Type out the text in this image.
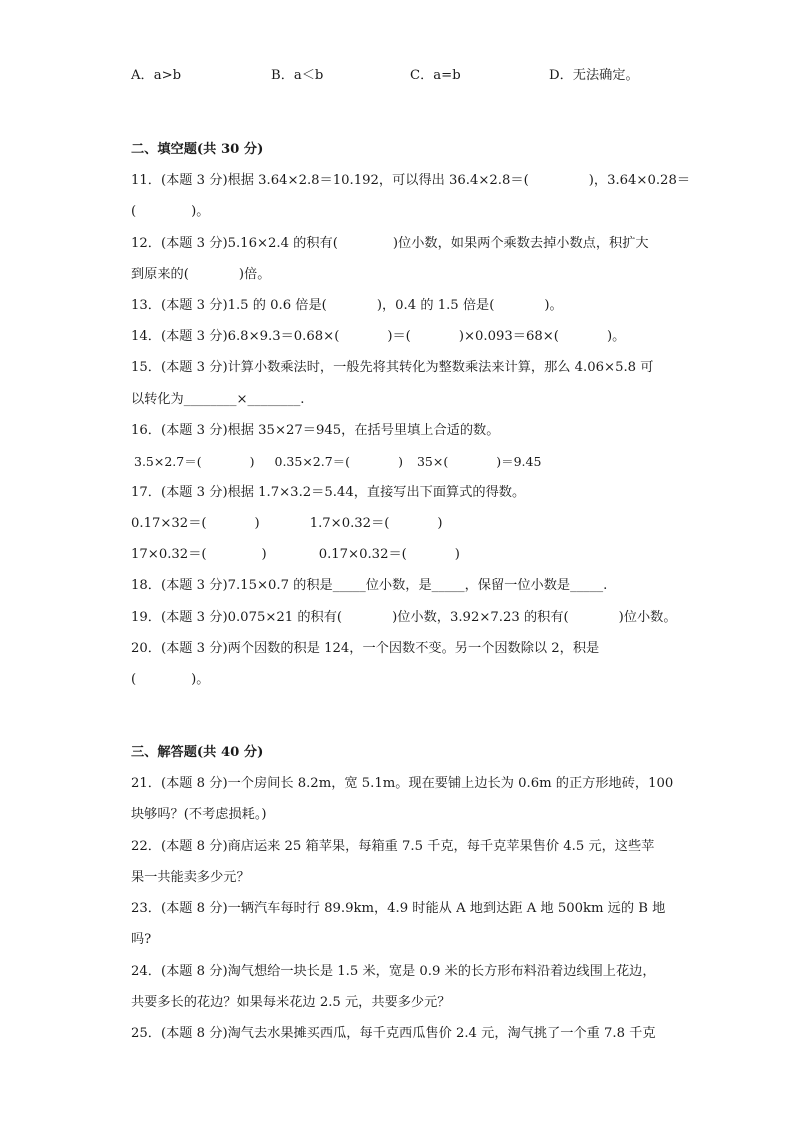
A．a>b	B．a＜b	C．a=b	D．无法确定。
二、填空题(共 30 分)
11．(本题 3 分)根据 3.64×2.8＝10.192，可以得出 36.4×2.8＝(	)，3.64×0.28＝
(	)。
12．(本题 3 分)5.16×2.4 的积有(	)位小数，如果两个乘数去掉小数点，积扩大
到原来的(	)倍。
13．(本题 3 分)1.5 的 0.6 倍是(	)，0.4 的 1.5 倍是(	)。
14．(本题 3 分)6.8×9.3＝0.68×(	)＝(	)×0.093＝68×(	)。
15．(本题 3 分)计算小数乘法时，一般先将其转化为整数乘法来计算，那么 4.06×5.8 可
以转化为________×________.
16．(本题 3 分)根据 35×27＝945，在括号里填上合适的数。
3.5×2.7＝(	) 0.35×2.7＝(	) 35×(	)＝9.45
17．(本题 3 分)根据 1.7×3.2＝5.44，直接写出下面算式的得数。
0.17×32＝(	)	1.7×0.32＝(	)
17×0.32＝(	)	0.17×0.32＝(	)
18．(本题 3 分)7.15×0.7 的积是_____位小数，是_____，保留一位小数是_____.
19．(本题 3 分)0.075×21 的积有(	)位小数，3.92×7.23 的积有(	)位小数。
20．(本题 3 分)两个因数的积是 124，一个因数不变。另一个因数除以 2，积是
(	)。
三、解答题(共 40 分)
21．(本题 8 分)一个房间长 8.2m，宽 5.1m。现在要铺上边长为 0.6m 的正方形地砖，100
块够吗？(不考虑损耗。)
22．(本题 8 分)商店运来 25 箱苹果，每箱重 7.5 千克，每千克苹果售价 4.5 元，这些苹
果一共能卖多少元？
23．(本题 8 分)一辆汽车每时行 89.9km，4.9 时能从 A 地到达距 A 地 500km 远的 B 地
吗?
24．(本题 8 分)淘气想给一块长是 1.5 米，宽是 0.9 米的长方形布料沿着边线围上花边，
共要多长的花边？如果每米花边 2.5 元，共要多少元？
25．(本题 8 分)淘气去水果摊买西瓜，每千克西瓜售价 2.4 元，淘气挑了一个重 7.8 千克
